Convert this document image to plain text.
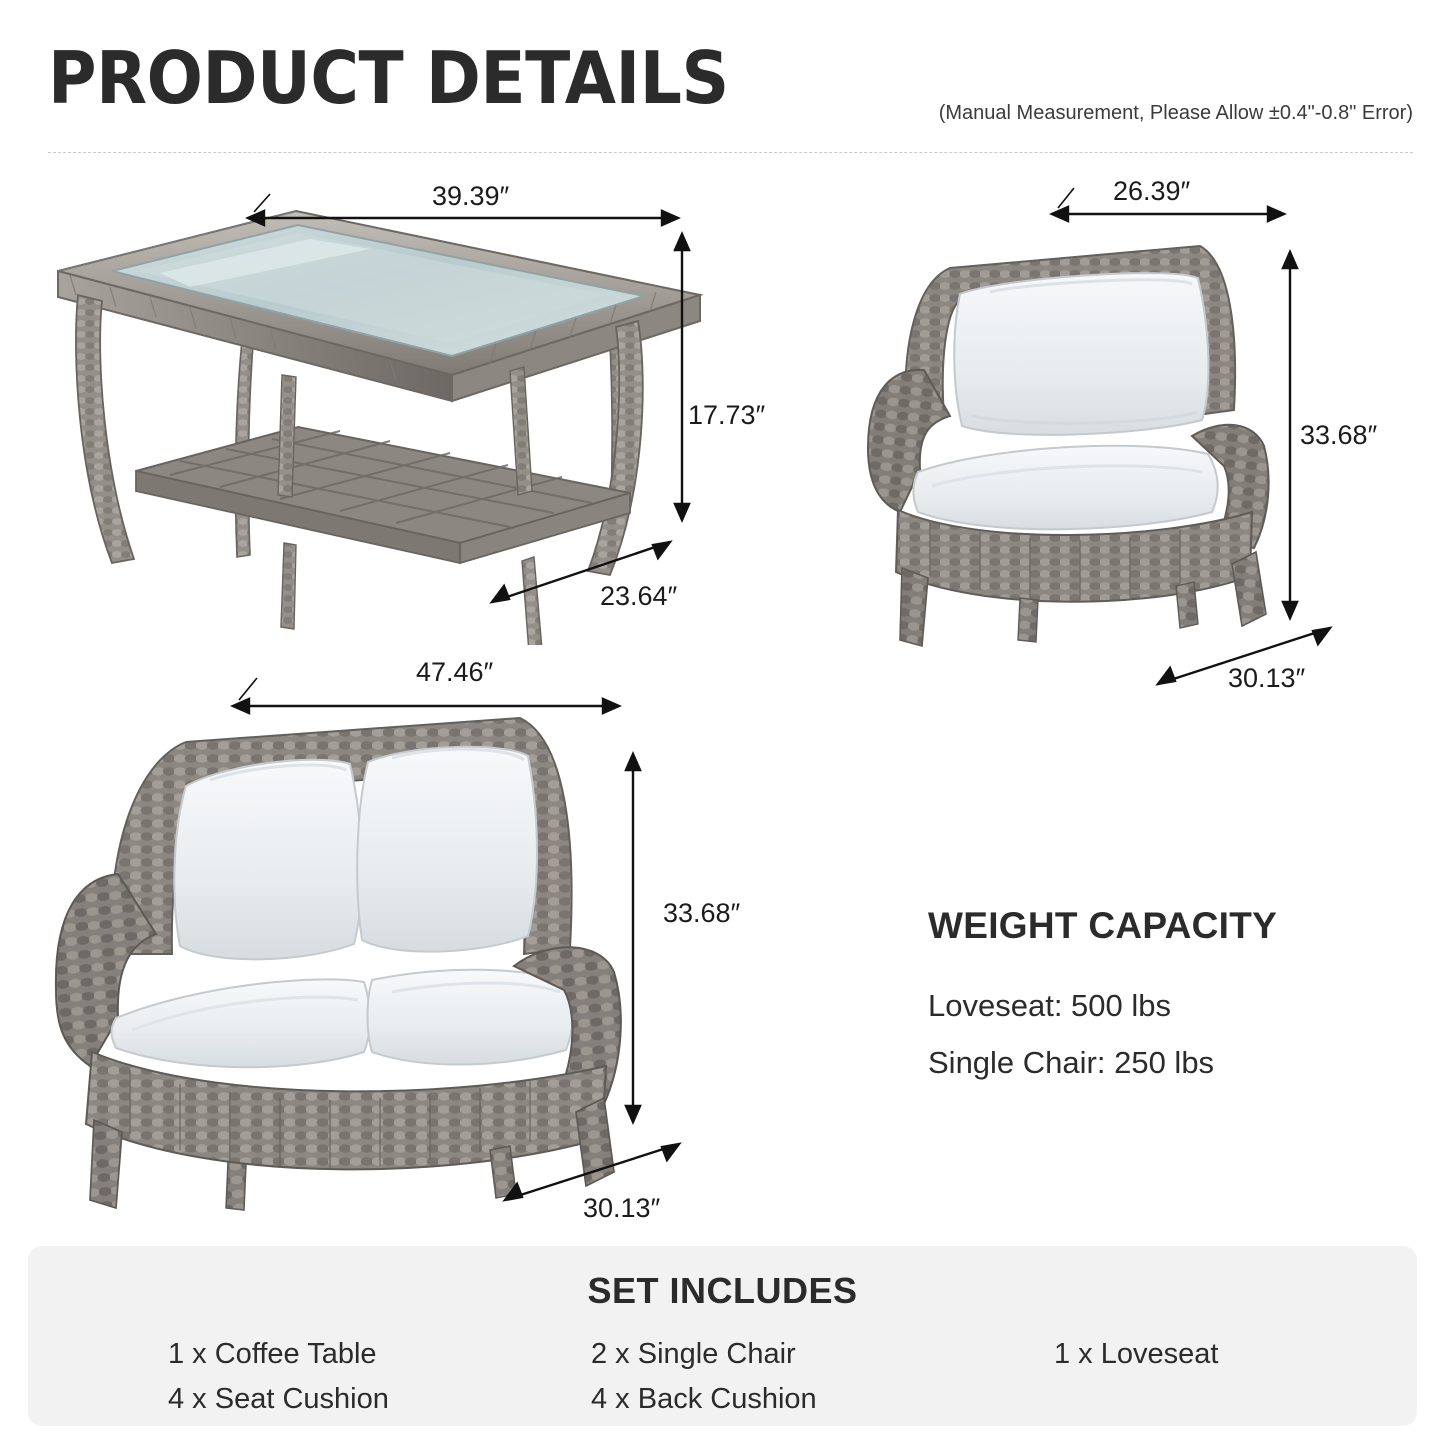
PRODUCT DETAILS	(Manual Measurement, Please Allow ±0.4"-0.8" Error)
39.39″
17.73″
23.64″
26.39″
33.68″
30.13″
47.46″
33.68″
30.13″
WEIGHT CAPACITY
Loveseat: 500 lbs
Single Chair: 250 lbs
SET INCLUDES
1 x Coffee Table	2 x Single Chair	1 x Loveseat
4 x Seat Cushion	4 x Back Cushion
